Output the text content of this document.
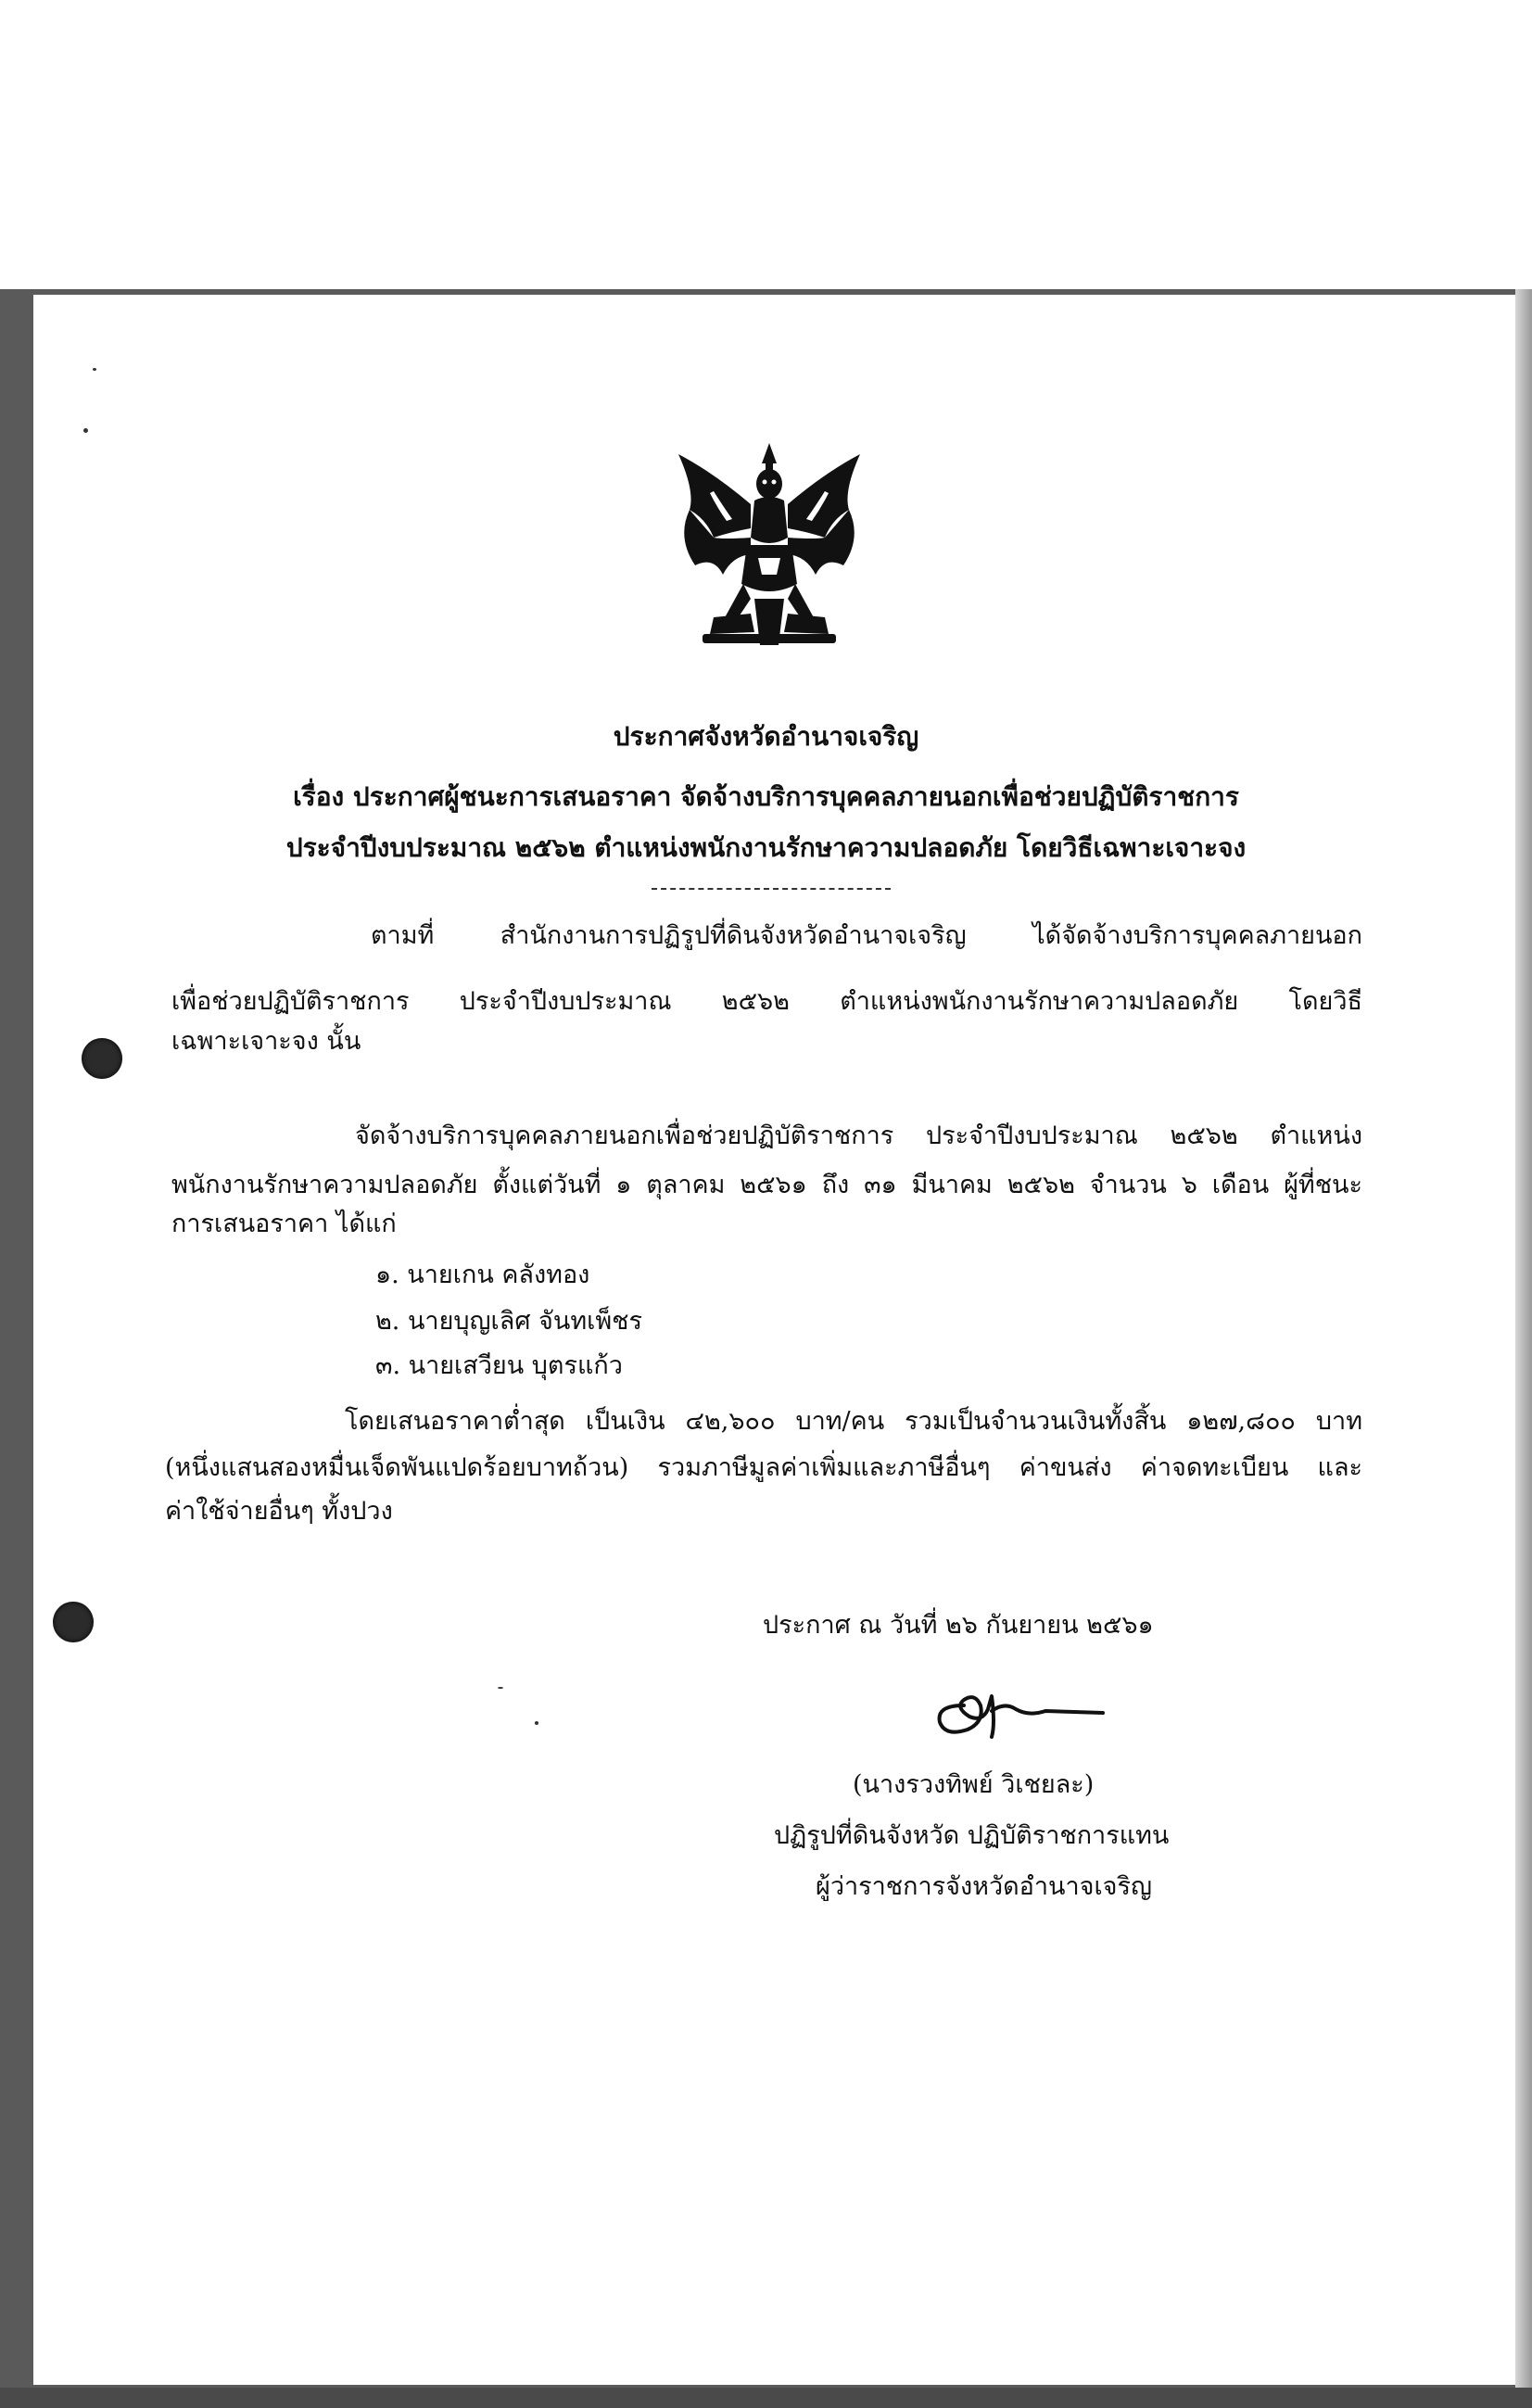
ประกาศจังหวัดอำนาจเจริญ
เรื่อง ประกาศผู้ชนะการเสนอราคา จัดจ้างบริการบุคคลภายนอกเพื่อช่วยปฏิบัติราชการ
ประจำปีงบประมาณ ๒๕๖๒ ตำแหน่งพนักงานรักษาความปลอดภัย โดยวิธีเฉพาะเจาะจง
ตามที่ สำนักงานการปฏิรูปที่ดินจังหวัดอำนาจเจริญ ได้จัดจ้างบริการบุคคลภายนอก
เพื่อช่วยปฏิบัติราชการ ประจำปีงบประมาณ ๒๕๖๒ ตำแหน่งพนักงานรักษาความปลอดภัย โดยวิธี
เฉพาะเจาะจง นั้น
จัดจ้างบริการบุคคลภายนอกเพื่อช่วยปฏิบัติราชการ ประจำปีงบประมาณ ๒๕๖๒ ตำแหน่ง
พนักงานรักษาความปลอดภัย ตั้งแต่วันที่ ๑ ตุลาคม ๒๕๖๑ ถึง ๓๑ มีนาคม ๒๕๖๒ จำนวน ๖ เดือน ผู้ที่ชนะ
การเสนอราคา ได้แก่
๑. นายเกน คลังทอง
๒. นายบุญเลิศ จันทเพ็ชร
๓. นายเสวียน บุตรแก้ว
โดยเสนอราคาต่ำสุด เป็นเงิน ๔๒,๖๐๐ บาท/คน รวมเป็นจำนวนเงินทั้งสิ้น ๑๒๗,๘๐๐ บาท
(หนึ่งแสนสองหมื่นเจ็ดพันแปดร้อยบาทถ้วน) รวมภาษีมูลค่าเพิ่มและภาษีอื่นๆ ค่าขนส่ง ค่าจดทะเบียน และ
ค่าใช้จ่ายอื่นๆ ทั้งปวง
ประกาศ ณ วันที่ ๒๖ กันยายน ๒๕๖๑
(นางรวงทิพย์ วิเชยละ)
ปฏิรูปที่ดินจังหวัด ปฏิบัติราชการแทน
ผู้ว่าราชการจังหวัดอำนาจเจริญ
